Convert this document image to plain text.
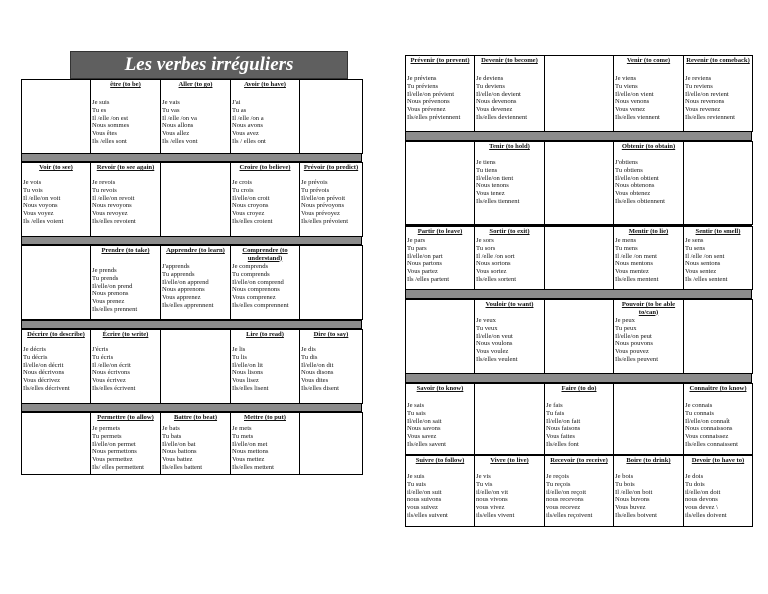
Les verbes irréguliers
être (to be)
Je suis
Tu es
Il /elle /on est
Nous sommes
Vous êtes
Ils /elles sont
Aller (to go)
Je vais
Tu vas
Il /elle /on va
Nous allons
Vous allez
Ils /elles vont
Avoir (to have)
J'ai
Tu as
Il /elle /on a
Nous avons
Vous avez
Ils / elles ont
Voir (to see)
Je vois
Tu vois
Il /elle/on voit
Nous voyons
Vous voyez
Ils /elles voient
Revoir (to see again)
Je revois
Tu revois
Il /elle/on revoit
Nous revoyons
Vous revoyez
Ils/elles revoient
Croire (to believe)
Je crois
Tu crois
Il/elle/on croit
Nous croyons
Vous croyez
Ils/elles croient
Prévoir (to predict)
Je prévois
Tu prévois
Il/elle/on prévoit
Nous prévoyons
Vous prévoyez
Ils/elles prévoient
Prendre (to take)
Je prends
Tu prends
Il/elle/on prend
Nous prenons
Vous prenez
Ils/elles prennent
Apprendre (to learn)
J'apprends
Tu apprends
Il/elle/on apprend
Nous apprenons
Vous apprenez
Ils/elles apprennent
Comprendre (to understand)
Je comprends
Tu comprends
Il/elle/on comprend
Nous comprenons
Vous comprenez
Ils/elles comprennent
Décrire (to describe)
Je décris
Tu décris
Il/elle/on décrit
Nous décrivons
Vous décrivez
Ils/elles décrivent
Écrire (to write)
J'écris
Tu écris
Il /elle/on écrit
Nous écrivons
Vous écrivez
Ils/elles écrivent
Lire (to read)
Je lis
Tu lis
Il/elle/on lit
Nous lisons
Vous lisez
Ils/elles lisent
Dire (to say)
Je dis
Tu dis
Il/elle/on dit
Nous disons
Vous dites
Ils/elles disent
Permettre (to allow)
Je permets
Tu permets
Il/elle/on permet
Nous permettons
Vous permettez
Ils/ elles permettent
Battre (to beat)
Je bats
Tu bats
Il/elle/on bat
Nous battons
Vous battez
Ils/elles battent
Mettre (to put)
Je mets
Tu mets
Il/elle/on met
Nous mettons
Vous mettez
Ils/elles mettent
Prévenir (to prevent)
Je préviens
Tu préviens
Il/elle/on prévient
Nous prévenons
Vous prévenez
Ils/elles préviennent
Devenir (to become)
Je deviens
Tu deviens
Il/elle/on devient
Nous devenons
Vous devenez
Ils/elles deviennent
Venir (to come)
Je viens
Tu viens
Il/elle/on vient
Nous venons
Vous venez
Ils/elles viennent
Revenir (to comeback)
Je reviens
Tu reviens
Il/elle/on revient
Nous revenons
Vous revenez
Ils/elles reviennent
Tenir (to hold)
Je tiens
Tu tiens
Il/elle/on tient
Nous tenons
Vous tenez
Ils/elles tiennent
Obtenir (to obtain)
J'obtiens
Tu obtiens
Il/elle/on obtient
Nous obtenons
Vous obtenez
Ils/elles obtiennent
Partir (to leave)
Je pars
Tu pars
Il/elle/on part
Nous partons
Vous partez
Ils /elles partent
Sortir (to exit)
Je sors
Tu sors
Il /elle /on sort
Nous sortons
Vous sortez
Ils/elles sortent
Mentir (to lie)
Je mens
Tu mens
Il /elle /on ment
Nous mentons
Vous mentez
Ils/elles mentent
Sentir (to smell)
Je sens
Tu sens
Il /elle /on sent
Nous sentons
Vous sentez
Ils /elles sentent
Vouloir (to want)
Je veux
Tu veux
Il/elle/on veut
Nous voulons
Vous voulez
Ils/elles veulent
Pouvoir (to be able to/can)
Je peux
Tu peux
Il/elle/on peut
Nous pouvons
Vous pouvez
Ils/elles peuvent
Savoir (to know)
Je sais
Tu sais
Il/elle/on sait
Nous savons
Vous savez
Ils/elles savent
Faire (to do)
Je fais
Tu fais
Il/elle/on fait
Nous faisons
Vous faites
Ils/elles font
Connaître (to know)
Je connais
Tu connais
Il/elle/on connaît
Nous connaissons
Vous connaissez
Ils/elles connaissent
Suivre (to follow)
Je suis
Tu suis
il/elle/on suit
nous suivons
vous suivez
ils/elles suivent
Vivre (to live)
Je vis
Tu vis
il/elle/on vit
nous vivons
vous vivez
ils/elles vivent
Recevoir (to receive)
Je reçois
Tu reçois
il/elle/on reçoit
nous recevons
vous recevez
ils/elles reçoivent
Boire (to drink)
Je bois
Tu bois
Il /elle/on boit
Nous buvons
Vous buvez
Ils/elles boivent
Devoir (to have to)
Je dois
Tu dois
il/elle/on doit
nous devons
vous devez \
ils/elles doivent
